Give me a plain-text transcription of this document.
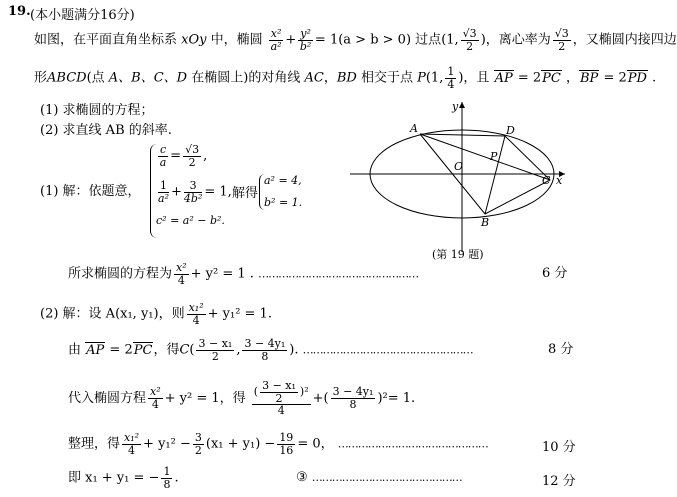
19. (本小题满分16分)
如图，在平面直角坐标系 xOy 中，椭圆 $\frac{\text{x²}}{\text{a²}} + \frac{\text{y²}}{\text{b²}} = 1(a > b > 0)$ 过点(1, $\frac{√3}{2}$ )，离心率为 $\frac{√3}{2}$ ，又椭圆内接四边
形ABCD(点 A、B、C、D 在椭圆上)的对角线 AC，BD 相交于点 P(1, $\frac{1}{4}$ )，且 AP = 2PC ，BP = 2PD .
(1) 求椭圆的方程；
(2) 求直线 AB 的斜率.
(1) 解：依题意，
$\frac{c}{a} = \frac{√3}{2}$ ,
$\frac{1}{\text{a²}} + \frac{3}{\text{4b²}} = 1$,
c² = a² − b².
解得
a² = 4,
b² = 1.
所求椭圆的方程为 $\frac{\text{x²}}{4} + y^2 = 1$ . …………………………………………	6 分
(2) 解：设 A(x₁, y₁)，则 $\frac{\text{x₁²}}{4} + y_1^2 = 1$.
由 AP = 2PC，得$C( \frac{\text{3 − x₁}}{2}$ , $\frac{\text{3 − 4y₁}}{8}$ ). ……………………………………………	8 分
代入椭圆方程 $\frac{\text{x²}}{4} + y^2 = 1$，得 $\frac{( \frac{\text{3 − x₁}}{2} )^2}{4}$ +( $\frac{\text{3 − 4y₁}}{8} )^2= 1$.
整理，得 $\frac{\text{x₁²}}{4} + y_1^2 - \frac{3}{2} (x_1 + y_1) - \frac{19}{16} = 0$， ………………………………………	10 分
即 x₁ + y₁ = − $\frac{1}{8}$ .	③ ………………………………………	12 分
A	D
P
O
C x
y
B
(第 19 题)
